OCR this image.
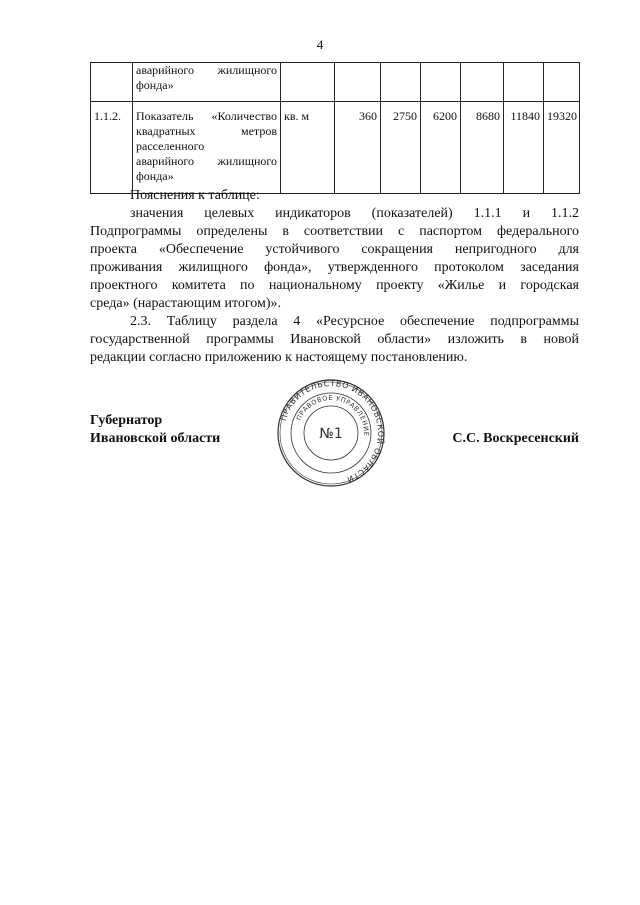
4

	аварийного жилищного
фонда»							

1.1.2.	Показатель «Количество
квадратных метров
расселенного
аварийного жилищного
фонда»	кв. м	360	2750	6200	8680	11840	19320
Пояснения к таблице:
значения целевых индикаторов (показателей) 1.1.1 и 1.1.2
Подпрограммы определены в соответствии с паспортом федерального
проекта «Обеспечение устойчивого сокращения непригодного для
проживания жилищного фонда», утвержденного протоколом заседания
проектного комитета по национальному проекту «Жилье и городская
среда» (нарастающим итогом)».
2.3. Таблицу раздела 4 «Ресурсное обеспечение подпрограммы
государственной программы Ивановской области» изложить в новой
редакции согласно приложению к настоящему постановлению.
Губернатор
Ивановской области	С.С. Воскресенский
ПРАВИТЕЛЬСТВО ИВАНОВСКОЙ ОБЛАСТИ
ПРАВОВОЕ УПРАВЛЕНИЕ
№1
